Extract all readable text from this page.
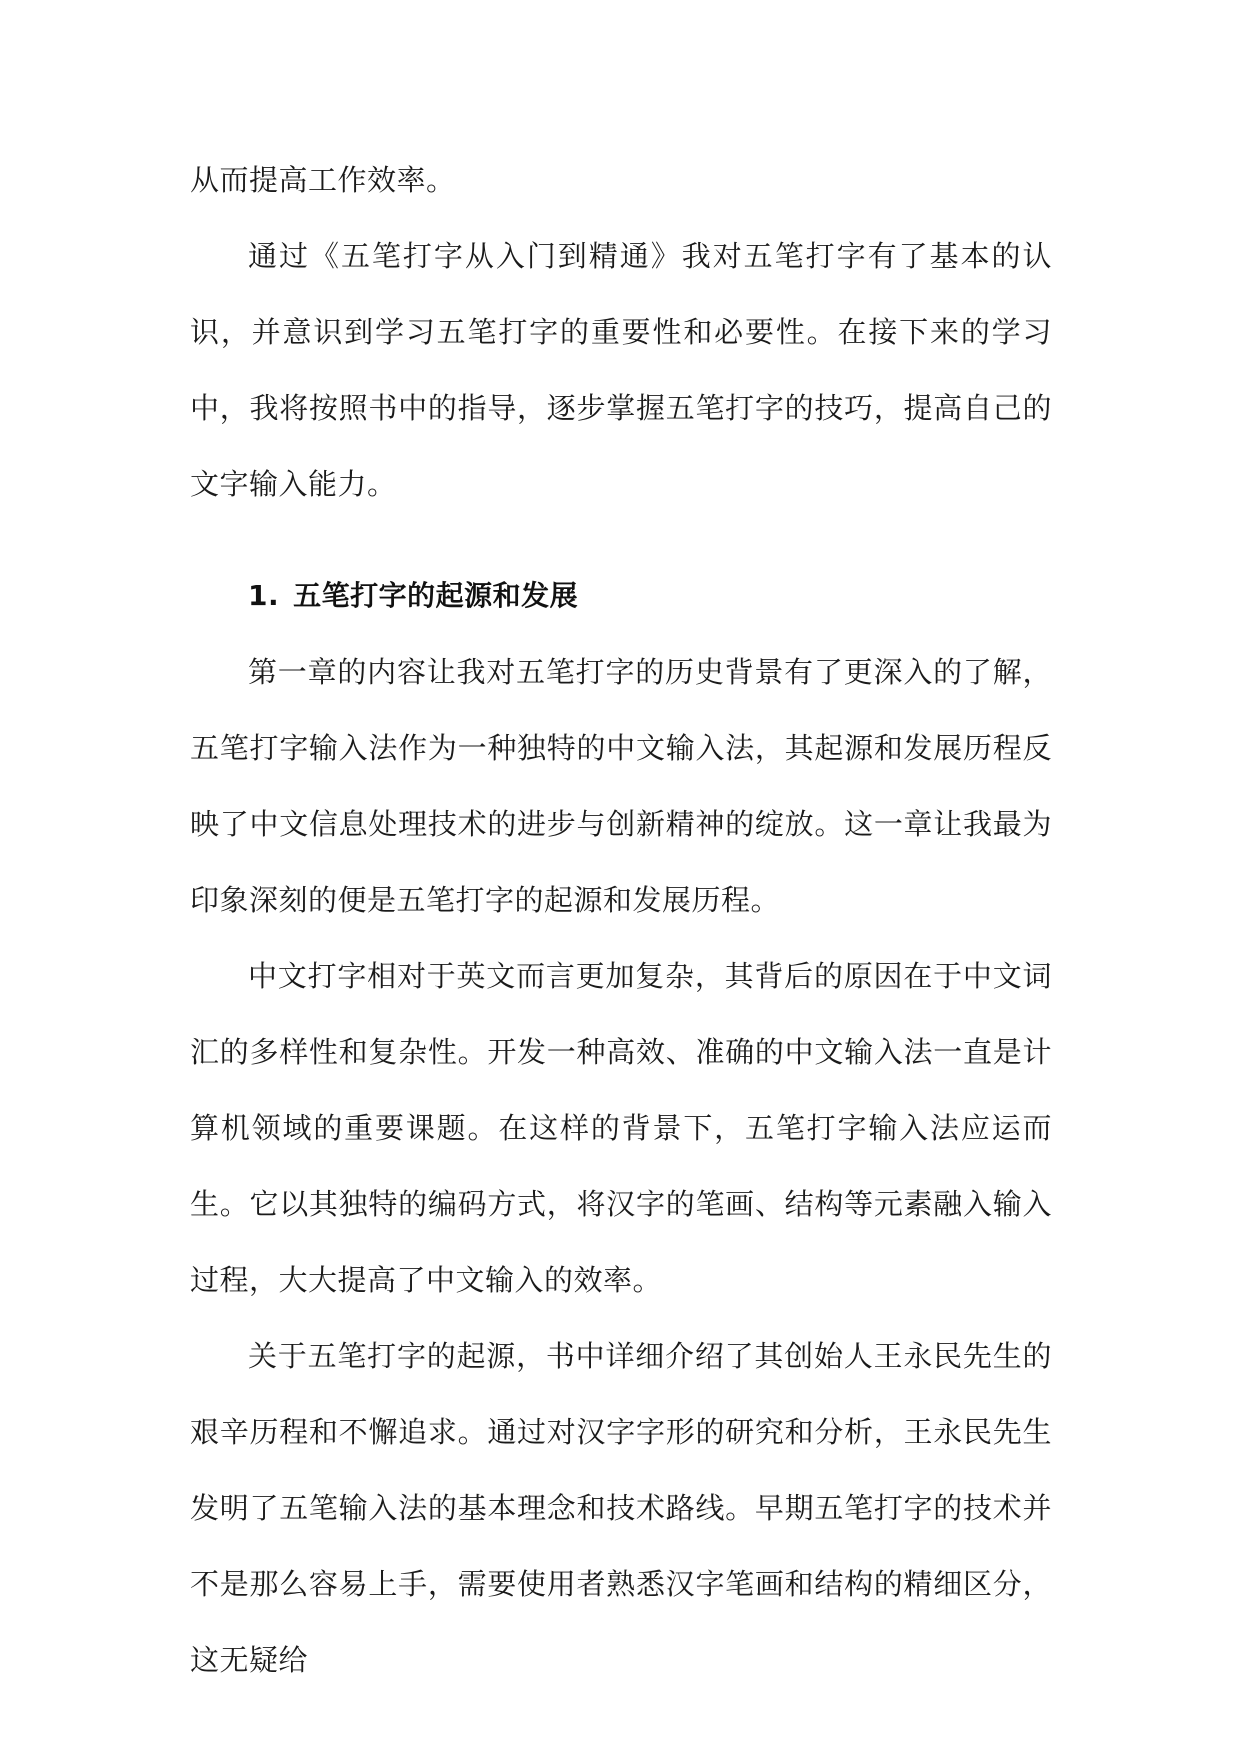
从而提高工作效率。

通过《五笔打字从入门到精通》我对五笔打字有了基本的认识，并意识到学习五笔打字的重要性和必要性。在接下来的学习中，我将按照书中的指导，逐步掌握五笔打字的技巧，提高自己的文字输入能力。

1. 五笔打字的起源和发展

第一章的内容让我对五笔打字的历史背景有了更深入的了解，五笔打字输入法作为一种独特的中文输入法，其起源和发展历程反映了中文信息处理技术的进步与创新精神的绽放。这一章让我最为印象深刻的便是五笔打字的起源和发展历程。

中文打字相对于英文而言更加复杂，其背后的原因在于中文词汇的多样性和复杂性。开发一种高效、准确的中文输入法一直是计算机领域的重要课题。在这样的背景下，五笔打字输入法应运而生。它以其独特的编码方式，将汉字的笔画、结构等元素融入输入过程，大大提高了中文输入的效率。

关于五笔打字的起源，书中详细介绍了其创始人王永民先生的艰辛历程和不懈追求。通过对汉字字形的研究和分析，王永民先生发明了五笔输入法的基本理念和技术路线。早期五笔打字的技术并不是那么容易上手，需要使用者熟悉汉字笔画和结构的精细区分，这无疑给
